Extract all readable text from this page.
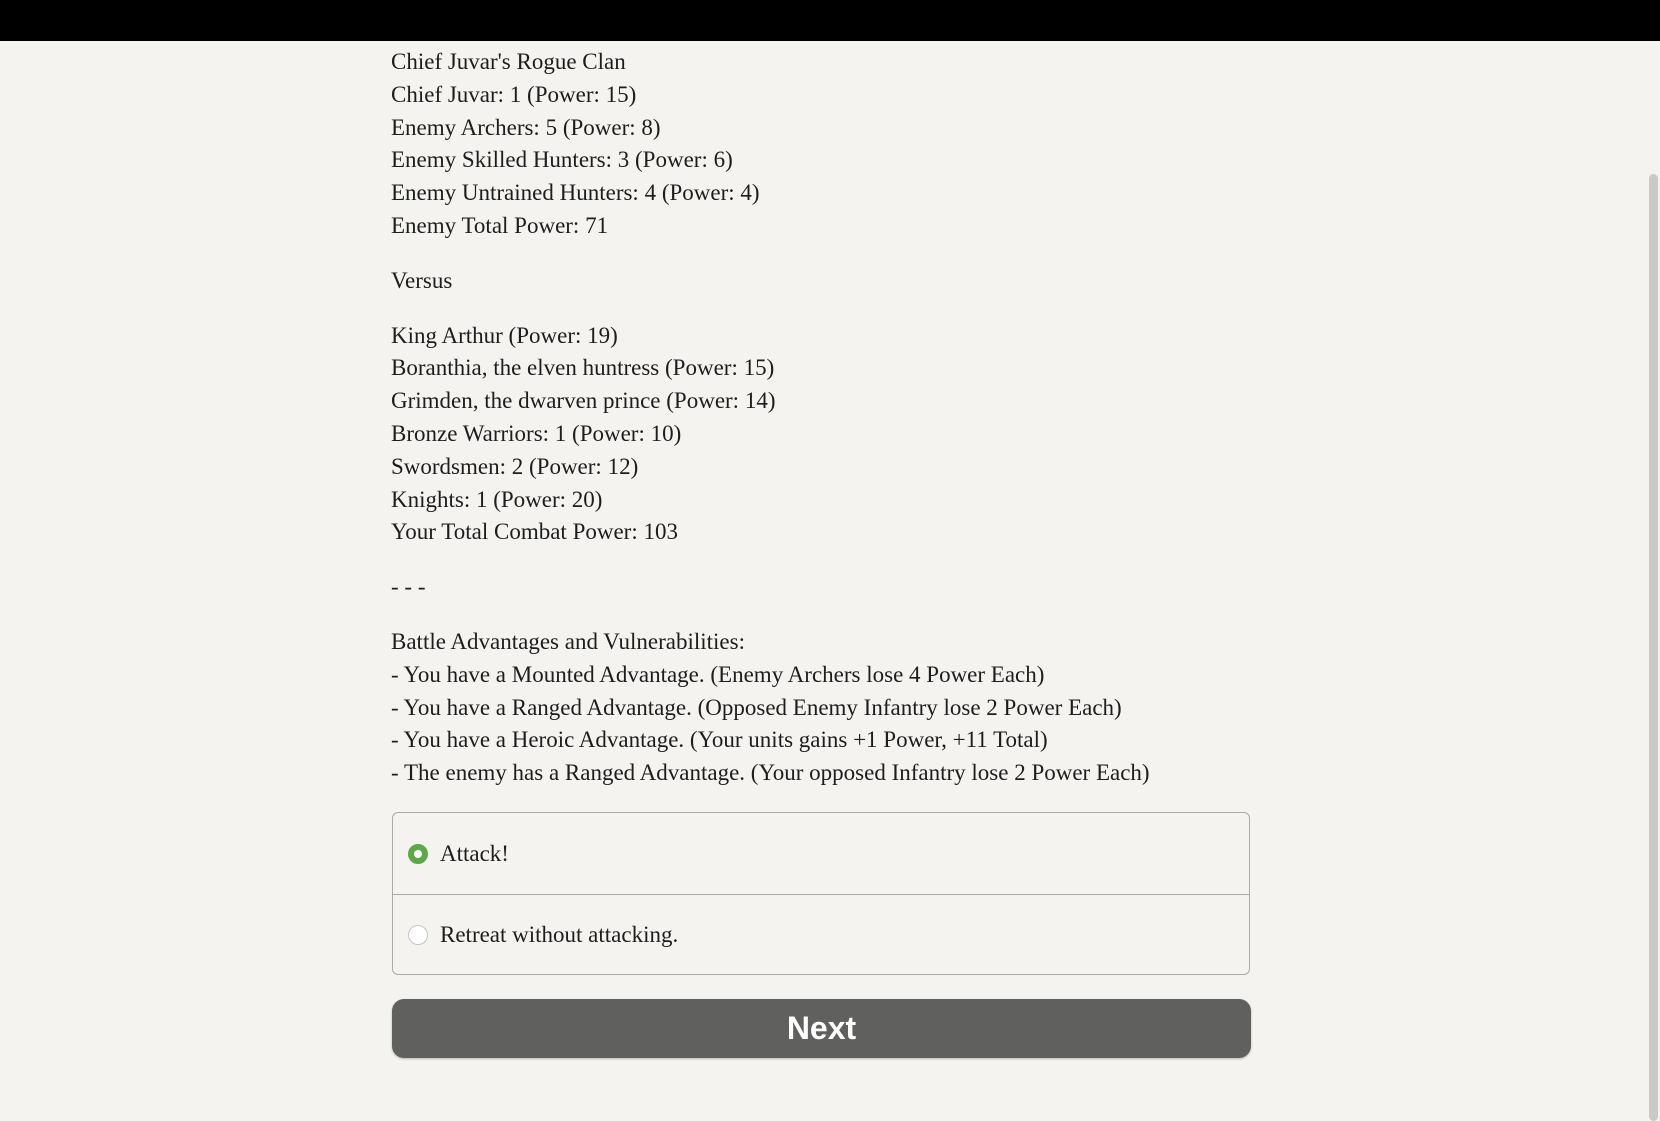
Chief Juvar's Rogue Clan
Chief Juvar: 1 (Power: 15)
Enemy Archers: 5 (Power: 8)
Enemy Skilled Hunters: 3 (Power: 6)
Enemy Untrained Hunters: 4 (Power: 4)
Enemy Total Power: 71

Versus

King Arthur (Power: 19)
Boranthia, the elven huntress (Power: 15)
Grimden, the dwarven prince (Power: 14)
Bronze Warriors: 1 (Power: 10)
Swordsmen: 2 (Power: 12)
Knights: 1 (Power: 20)
Your Total Combat Power: 103

- - -

Battle Advantages and Vulnerabilities:
- You have a Mounted Advantage. (Enemy Archers lose 4 Power Each)
- You have a Ranged Advantage. (Opposed Enemy Infantry lose 2 Power Each)
- You have a Heroic Advantage. (Your units gains +1 Power, +11 Total)
- The enemy has a Ranged Advantage. (Your opposed Infantry lose 2 Power Each)

Attack!
Retreat without attacking.
Next
